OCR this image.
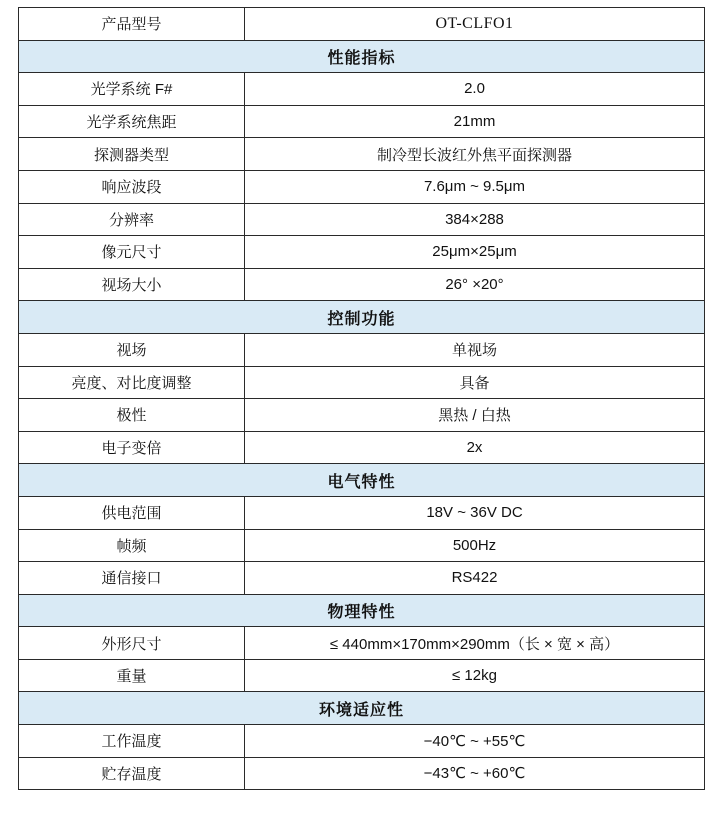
产品型号	OT-CLFO1
性能指标	
光学系统 F#	2.0
光学系统焦距	21mm
探测器类型	制冷型长波红外焦平面探测器
响应波段	7.6μm ~ 9.5μm
分辨率	384×288
像元尺寸	25μm×25μm
视场大小	26° ×20°
控制功能	
视场	单视场
亮度、对比度调整	具备
极性	黑热 / 白热
电子变倍	2x
电气特性	
供电范围	18V ~ 36V DC
帧频	500Hz
通信接口	RS422
物理特性	
外形尺寸	≤ 440mm×170mm×290mm（长 × 宽 × 高）
重量	≤ 12kg
环境适应性	
工作温度	−40℃ ~ +55℃
贮存温度	−43℃ ~ +60℃
